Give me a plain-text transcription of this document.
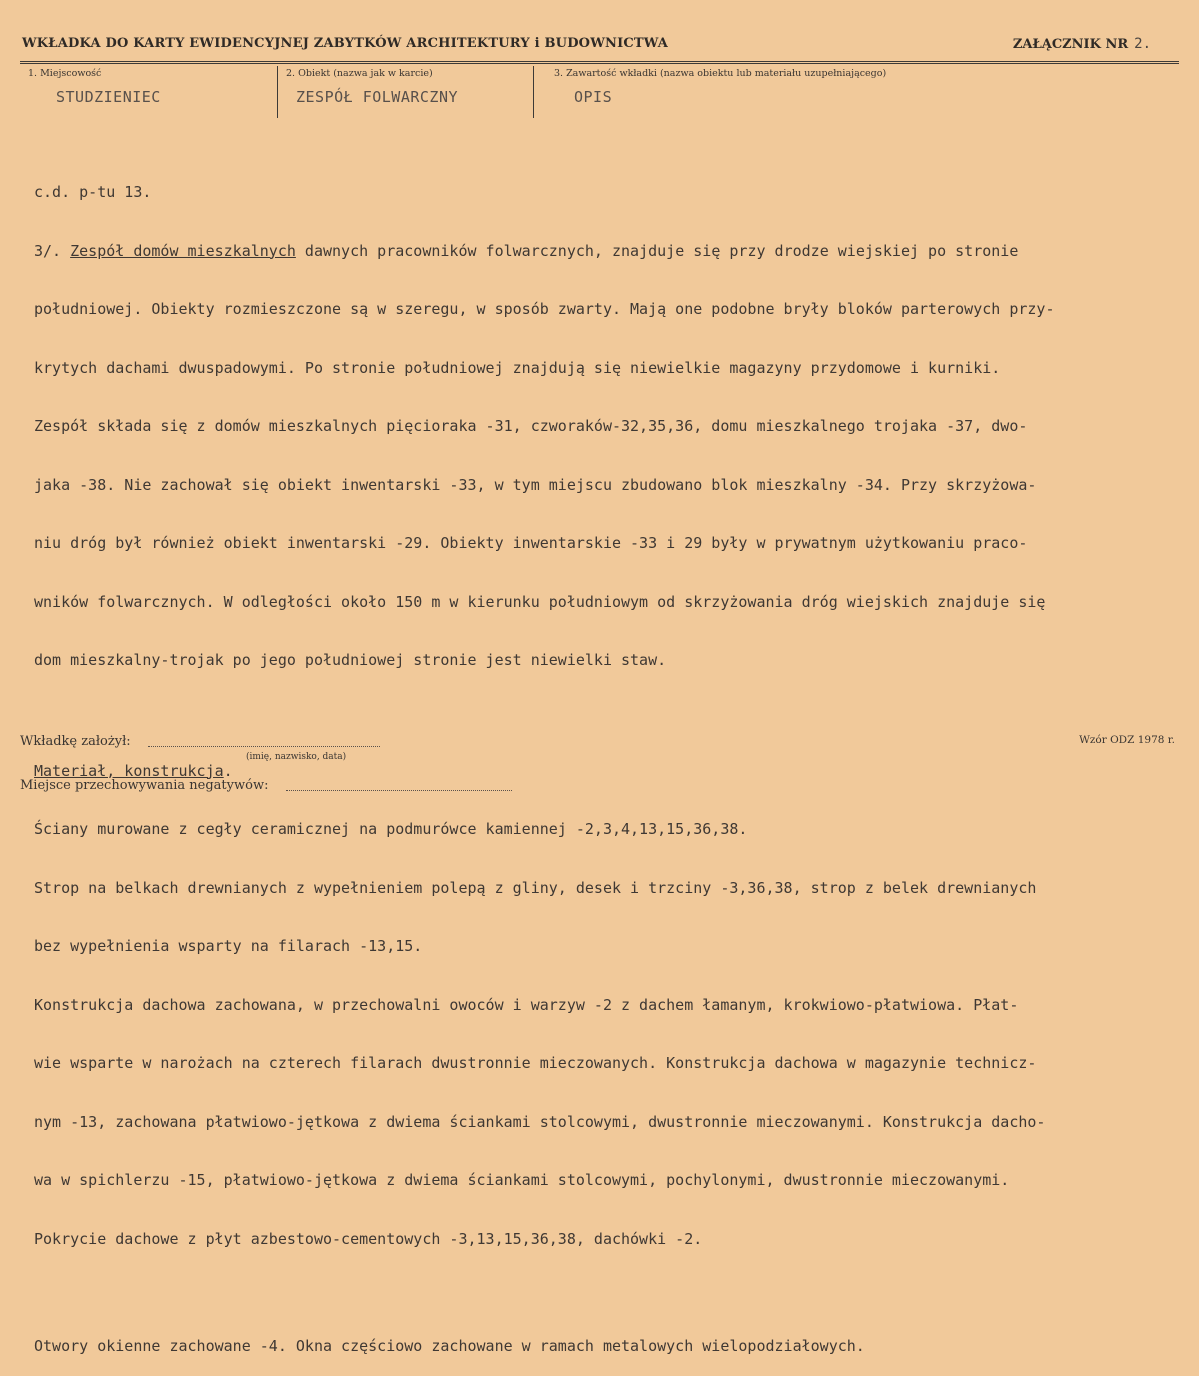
WKŁADKA DO KARTY EWIDENCYJNEJ ZABYTKÓW ARCHITEKTURY i BUDOWNICTWA	ZAŁĄCZNIK NR 2.
1. Miejscowość
STUDZIENIEC
2. Obiekt (nazwa jak w karcie)
ZESPÓŁ FOLWARCZNY
3. Zawartość wkładki (nazwa obiektu lub materiału uzupełniającego)
OPIS

c.d. p-tu 13.

3/. Zespół domów mieszkalnych dawnych pracowników folwarcznych, znajduje się przy drodze wiejskiej po stronie

południowej. Obiekty rozmieszczone są w szeregu, w sposób zwarty. Mają one podobne bryły bloków parterowych przy-

krytych dachami dwuspadowymi. Po stronie południowej znajdują się niewielkie magazyny przydomowe i kurniki.

Zespół składa się z domów mieszkalnych pięcioraka -31, czworaków-32,35,36, domu mieszkalnego trojaka -37, dwo-

jaka -38. Nie zachował się obiekt inwentarski -33, w tym miejscu zbudowano blok mieszkalny -34. Przy skrzyżowa-

niu dróg był również obiekt inwentarski -29. Obiekty inwentarskie -33 i 29 były w prywatnym użytkowaniu praco-

wników folwarcznych. W odległości około 150 m w kierunku południowym od skrzyżowania dróg wiejskich znajduje się

dom mieszkalny-trojak po jego południowej stronie jest niewielki staw.

Materiał, konstrukcja.

Ściany murowane z cegły ceramicznej na podmurówce kamiennej -2,3,4,13,15,36,38.

Strop na belkach drewnianych z wypełnieniem polepą z gliny, desek i trzciny -3,36,38, strop z belek drewnianych

bez wypełnienia wsparty na filarach -13,15.

Konstrukcja dachowa zachowana, w przechowalni owoców i warzyw -2 z dachem łamanym, krokwiowo-płatwiowa. Płat-

wie wsparte w narożach na czterech filarach dwustronnie mieczowanych. Konstrukcja dachowa w magazynie technicz-

nym -13, zachowana płatwiowo-jętkowa z dwiema ściankami stolcowymi, dwustronnie mieczowanymi. Konstrukcja dacho-

wa w spichlerzu -15, płatwiowo-jętkowa z dwiema ściankami stolcowymi, pochylonymi, dwustronnie mieczowanymi.

Pokrycie dachowe z płyt azbestowo-cementowych -3,13,15,36,38, dachówki -2.

Otwory okienne zachowane -4. Okna częściowo zachowane w ramach metalowych wielopodziałowych.

Wkładkę założył:
(imię, nazwisko, data)
Miejsce przechowywania negatywów:
Wzór ODZ 1978 r.
